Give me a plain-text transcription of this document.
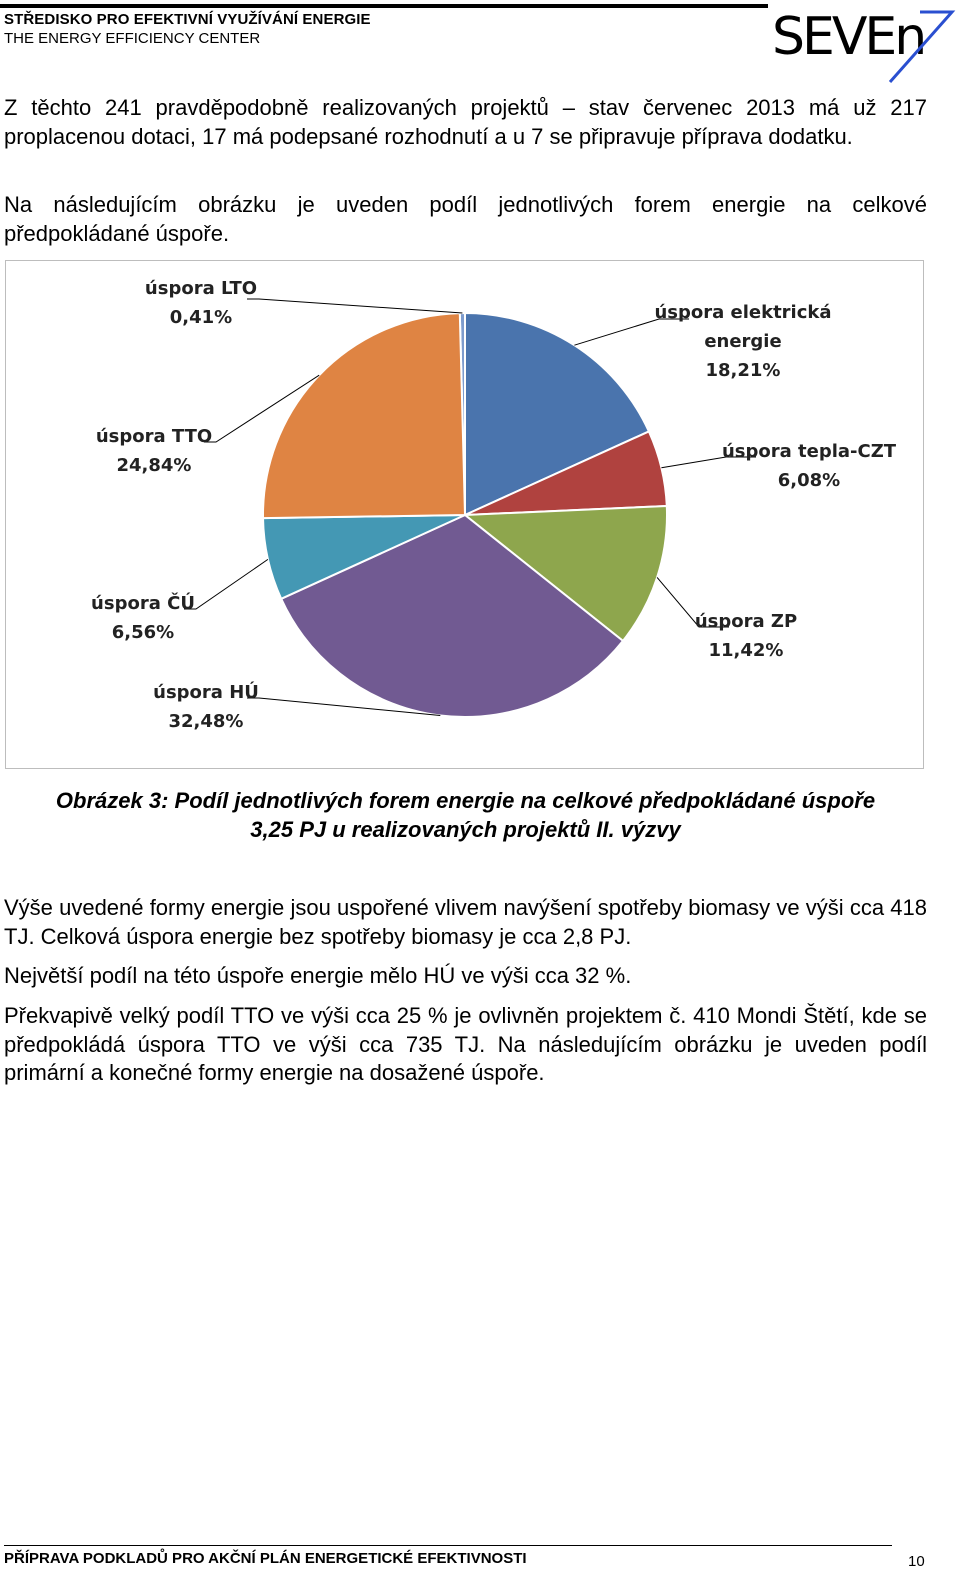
STŘEDISKO PRO EFEKTIVNÍ VYUŽÍVÁNÍ ENERGIE
THE ENERGY EFFICIENCY CENTER	SEVEn

Z těchto 241 pravděpodobně realizovaných projektů – stav červenec 2013 má už 217 proplacenou dotaci, 17 má podepsané rozhodnutí a u 7 se připravuje příprava dodatku.

Na následujícím obrázku je uveden podíl jednotlivých forem energie na celkové předpokládané úspoře.

úspora LTO 0,41%	úspora elektrická energie 18,21%
úspora tepla-CZT 6,08%
úspora ZP 11,42%
úspora HÚ 32,48%
úspora ČÚ 6,56%
úspora TTO 24,84%

Obrázek 3: Podíl jednotlivých forem energie na celkové předpokládané úspoře
3,25 PJ u realizovaných projektů II. výzvy

Výše uvedené formy energie jsou uspořené vlivem navýšení spotřeby biomasy ve výši cca 418 TJ. Celková úspora energie bez spotřeby biomasy je cca 2,8 PJ.

Největší podíl na této úspoře energie mělo HÚ ve výši cca 32 %.

Překvapivě velký podíl TTO ve výši cca 25 % je ovlivněn projektem č. 410 Mondi Štětí, kde se předpokládá úspora TTO ve výši cca 735 TJ. Na následujícím obrázku je uveden podíl primární a konečné formy energie na dosažené úspoře.

PŘÍPRAVA PODKLADŮ PRO AKČNÍ PLÁN ENERGETICKÉ EFEKTIVNOSTI	10
